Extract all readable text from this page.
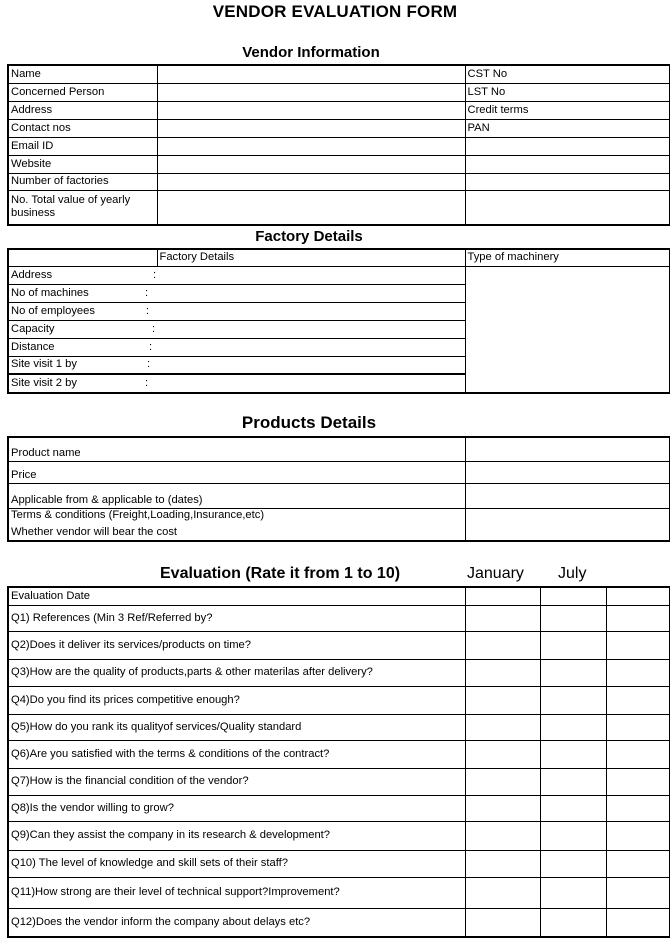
VENDOR EVALUATION FORM
Vendor Information
Name		CST No
Concerned Person		LST No
Address		Credit terms
Contact nos		PAN
Email ID		
Website		
Number of factories		
No. Total value of yearly business		
Factory Details
	Factory Details	Type of machinery
Address :		

No of machines :		

No of employees :		

Capacity :		

Distance :		

Site visit 1 by :		

Site visit 2 by :		
Products Details
Product name	

Price	

Applicable from & applicable to (dates)	

Terms & conditions (Freight,Loading,Insurance,etc)
Whether vendor will bear the cost	

Evaluation (Rate it from 1 to 10)	January July
Evaluation Date			
Q1) References (Min 3 Ref/Referred by?			
Q2)Does it deliver its services/products on time?			
Q3)How are the quality of products,parts & other materilas after delivery?			
Q4)Do you find its prices competitive enough?			
Q5)How do you rank its qualityof services/Quality standard			
Q6)Are you satisfied with the terms & conditions of the contract?			
Q7)How is the financial condition of the vendor?			
Q8)Is the vendor willing to grow?			
Q9)Can they assist the company in its research & development?			
Q10) The level of knowledge and skill sets of their staff?			
Q11)How strong are their level of technical support?Improvement?			
Q12)Does the vendor inform the company about delays etc?			
